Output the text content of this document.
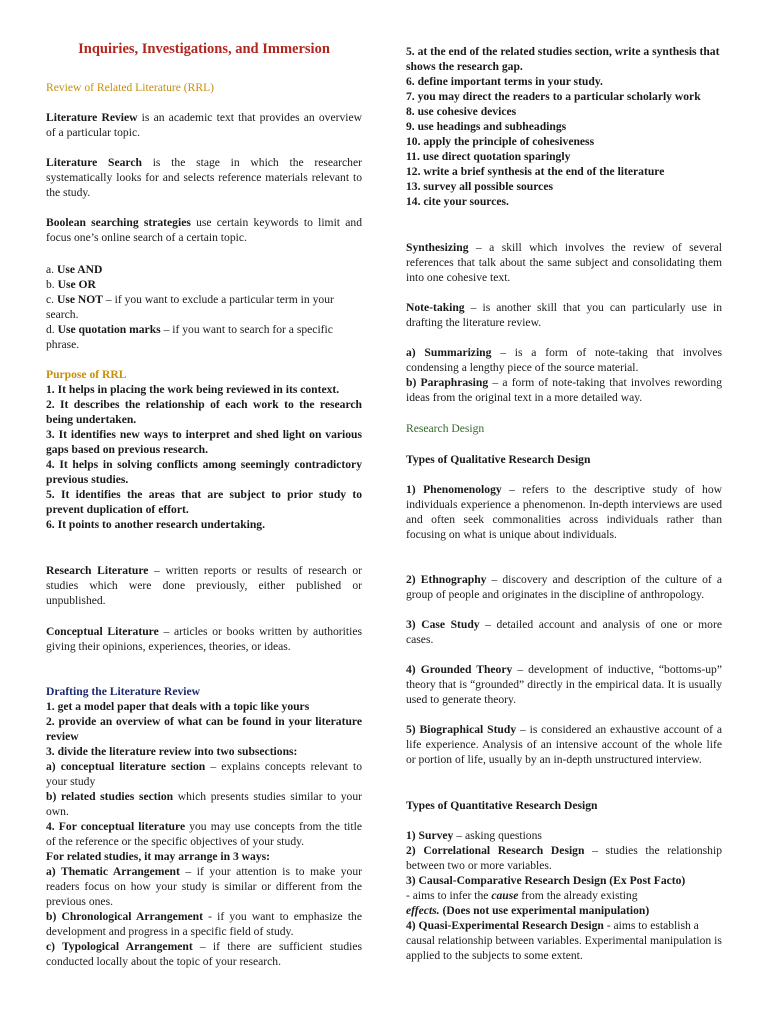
Inquiries, Investigations, and Immersion
Review of Related Literature (RRL)

Literature Review is an academic text that provides an overview of a particular topic.

Literature Search is the stage in which the researcher systematically looks for and selects reference materials relevant to the study.

Boolean searching strategies use certain keywords to limit and focus one’s online search of a certain topic.

a. Use AND

b. Use OR

c. Use NOT – if you want to exclude a particular term in your search.

d. Use quotation marks – if you want to search for a specific phrase.

Purpose of RRL

1. It helps in placing the work being reviewed in its context.

2. It describes the relationship of each work to the research being undertaken.

3. It identifies new ways to interpret and shed light on various gaps based on previous research.

4. It helps in solving conflicts among seemingly contradictory previous studies.

5. It identifies the areas that are subject to prior study to prevent duplication of effort.

6. It points to another research undertaking.

Research Literature – written reports or results of research or studies which were done previously, either published or unpublished.

Conceptual Literature – articles or books written by authorities giving their opinions, experiences, theories, or ideas.

Drafting the Literature Review

1. get a model paper that deals with a topic like yours

2. provide an overview of what can be found in your literature review

3. divide the literature review into two subsections:

a) conceptual literature section – explains concepts relevant to your study

b) related studies section which presents studies similar to your own.

4. For conceptual literature you may use concepts from the title of the reference or the specific objectives of your study.

For related studies, it may arrange in 3 ways:

a) Thematic Arrangement – if your attention is to make your readers focus on how your study is similar or different from the previous ones.

b) Chronological Arrangement - if you want to emphasize the development and progress in a specific field of study.

c) Typological Arrangement – if there are sufficient studies conducted locally about the topic of your research.

5. at the end of the related studies section, write a synthesis that shows the research gap.

6. define important terms in your study.

7. you may direct the readers to a particular scholarly work

8. use cohesive devices

9. use headings and subheadings

10. apply the principle of cohesiveness

11. use direct quotation sparingly

12. write a brief synthesis at the end of the literature

13. survey all possible sources

14. cite your sources.

Synthesizing – a skill which involves the review of several references that talk about the same subject and consolidating them into one cohesive text.

Note-taking – is another skill that you can particularly use in drafting the literature review.

a) Summarizing – is a form of note-taking that involves condensing a lengthy piece of the source material.

b) Paraphrasing – a form of note-taking that involves rewording ideas from the original text in a more detailed way.

Research Design
Types of Qualitative Research Design

1) Phenomenology – refers to the descriptive study of how individuals experience a phenomenon. In-depth interviews are used and often seek commonalities across individuals rather than focusing on what is unique about individuals.

2) Ethnography – discovery and description of the culture of a group of people and originates in the discipline of anthropology.

3) Case Study – detailed account and analysis of one or more cases.

4) Grounded Theory – development of inductive, “bottoms-up” theory that is “grounded” directly in the empirical data. It is usually used to generate theory.

5) Biographical Study – is considered an exhaustive account of a life experience. Analysis of an intensive account of the whole life or portion of life, usually by an in-depth unstructured interview.

Types of Quantitative Research Design

1) Survey – asking questions

2) Correlational Research Design – studies the relationship between two or more variables.

3) Causal-Comparative Research Design (Ex Post Facto)

- aims to infer the cause from the already existing

effects. (Does not use experimental manipulation)

4) Quasi-Experimental Research Design - aims to establish a causal relationship between variables. Experimental manipulation is applied to the subjects to some extent.
